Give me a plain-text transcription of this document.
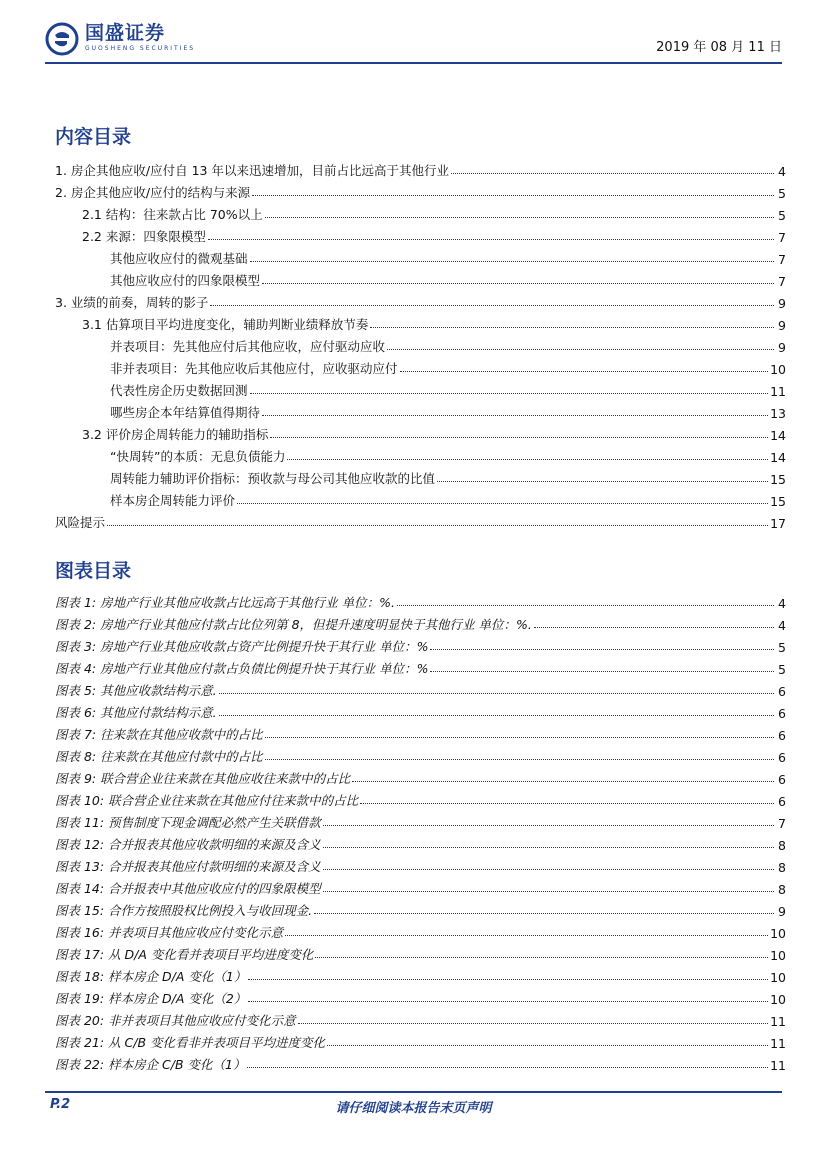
国盛证券
GUOSHENG SECURITIES	2019 年 08 月 11 日
内容目录
1. 房企其他应收/应付自 13 年以来迅速增加，目前占比远高于其他行业	4
2. 房企其他应收/应付的结构与来源	5
2.1 结构：往来款占比 70%以上	5
2.2 来源：四象限模型	7
其他应收应付的微观基础	7
其他应收应付的四象限模型	7
3. 业绩的前奏，周转的影子	9
3.1 估算项目平均进度变化，辅助判断业绩释放节奏	9
并表项目：先其他应付后其他应收，应付驱动应收	9
非并表项目：先其他应收后其他应付，应收驱动应付	10
代表性房企历史数据回测	11
哪些房企本年结算值得期待	13
3.2 评价房企周转能力的辅助指标	14
“快周转”的本质：无息负债能力	14
周转能力辅助评价指标：预收款与母公司其他应收款的比值	15
样本房企周转能力评价	15
风险提示	17
图表目录
图表 1: 房地产行业其他应收款占比远高于其他行业 单位：%.	4
图表 2: 房地产行业其他应付款占比位列第 8，但提升速度明显快于其他行业 单位：%.	4
图表 3: 房地产行业其他应收款占资产比例提升快于其行业 单位：%	5
图表 4: 房地产行业其他应付款占负债比例提升快于其行业 单位：%	5
图表 5: 其他应收款结构示意.	6
图表 6: 其他应付款结构示意.	6
图表 7: 往来款在其他应收款中的占比	6
图表 8: 往来款在其他应付款中的占比	6
图表 9: 联合营企业往来款在其他应收往来款中的占比	6
图表 10: 联合营企业往来款在其他应付往来款中的占比	6
图表 11: 预售制度下现金调配必然产生关联借款	7
图表 12: 合并报表其他应收款明细的来源及含义	8
图表 13: 合并报表其他应付款明细的来源及含义	8
图表 14: 合并报表中其他应收应付的四象限模型	8
图表 15: 合作方按照股权比例投入与收回现金.	9
图表 16: 并表项目其他应收应付变化示意	10
图表 17: 从 D/A 变化看并表项目平均进度变化	10
图表 18: 样本房企 D/A 变化（1）	10
图表 19: 样本房企 D/A 变化（2）	10
图表 20: 非并表项目其他应收应付变化示意	11
图表 21: 从 C/B 变化看非并表项目平均进度变化	11
图表 22: 样本房企 C/B 变化（1）	11
P.2	请仔细阅读本报告末页声明
